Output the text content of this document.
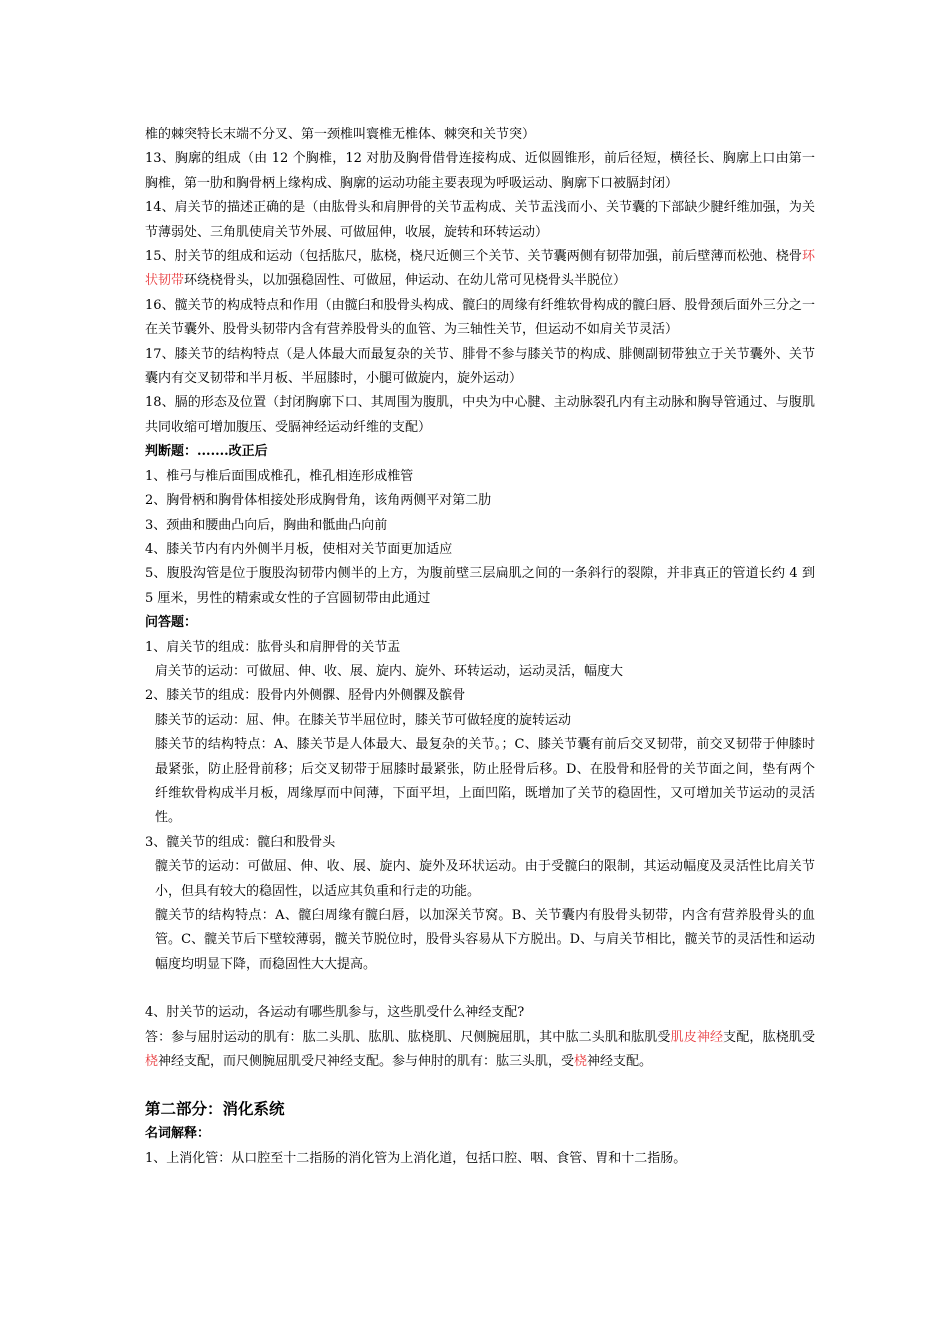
椎的棘突特长末端不分叉、第一颈椎叫寰椎无椎体、棘突和关节突）

13、胸廓的组成（由 12 个胸椎，12 对肋及胸骨借骨连接构成、近似圆锥形，前后径短，横径长、胸廓上口由第一胸椎，第一肋和胸骨柄上缘构成、胸廓的运动功能主要表现为呼吸运动、胸廓下口被膈封闭）

14、肩关节的描述正确的是（由肱骨头和肩胛骨的关节盂构成、关节盂浅而小、关节囊的下部缺少腱纤维加强，为关节薄弱处、三角肌使肩关节外展、可做屈伸，收展，旋转和环转运动）

15、肘关节的组成和运动（包括肱尺，肱桡，桡尺近侧三个关节、关节囊两侧有韧带加强，前后壁薄而松弛、桡骨环状韧带环绕桡骨头，以加强稳固性、可做屈，伸运动、在幼儿常可见桡骨头半脱位）

16、髋关节的构成特点和作用（由髋臼和股骨头构成、髋臼的周缘有纤维软骨构成的髋臼唇、股骨颈后面外三分之一在关节囊外、股骨头韧带内含有营养股骨头的血管、为三轴性关节，但运动不如肩关节灵活）

17、膝关节的结构特点（是人体最大而最复杂的关节、腓骨不参与膝关节的构成、腓侧副韧带独立于关节囊外、关节囊内有交叉韧带和半月板、半屈膝时，小腿可做旋内，旋外运动）

18、膈的形态及位置（封闭胸廓下口、其周围为腹肌，中央为中心腱、主动脉裂孔内有主动脉和胸导管通过、与腹肌共同收缩可增加腹压、受膈神经运动纤维的支配）

判断题：.......改正后

1、椎弓与椎后面围成椎孔，椎孔相连形成椎管

2、胸骨柄和胸骨体相接处形成胸骨角，该角两侧平对第二肋

3、颈曲和腰曲凸向后，胸曲和骶曲凸向前

4、膝关节内有内外侧半月板，使相对关节面更加适应

5、腹股沟管是位于腹股沟韧带内侧半的上方，为腹前壁三层扁肌之间的一条斜行的裂隙，并非真正的管道长约 4 到 5 厘米，男性的精索或女性的子宫圆韧带由此通过

问答题：

1、肩关节的组成：肱骨头和肩胛骨的关节盂

肩关节的运动：可做屈、伸、收、展、旋内、旋外、环转运动，运动灵活，幅度大

2、膝关节的组成：股骨内外侧髁、胫骨内外侧髁及髌骨

膝关节的运动：屈、伸。在膝关节半屈位时，膝关节可做轻度的旋转运动

膝关节的结构特点：A、膝关节是人体最大、最复杂的关节。；C、膝关节囊有前后交叉韧带，前交叉韧带于伸膝时最紧张，防止胫骨前移；后交叉韧带于屈膝时最紧张，防止胫骨后移。D、在股骨和胫骨的关节面之间，垫有两个纤维软骨构成半月板，周缘厚而中间薄，下面平坦，上面凹陷，既增加了关节的稳固性，又可增加关节运动的灵活性。

3、髋关节的组成：髋臼和股骨头

髋关节的运动：可做屈、伸、收、展、旋内、旋外及环状运动。由于受髋臼的限制，其运动幅度及灵活性比肩关节小，但具有较大的稳固性，以适应其负重和行走的功能。

髋关节的结构特点：A、髋臼周缘有髋臼唇，以加深关节窝。B、关节囊内有股骨头韧带，内含有营养股骨头的血管。C、髋关节后下壁较薄弱，髋关节脱位时，股骨头容易从下方脱出。D、与肩关节相比，髋关节的灵活性和运动幅度均明显下降，而稳固性大大提高。

4、肘关节的运动，各运动有哪些肌参与，这些肌受什么神经支配?

答：参与屈肘运动的肌有：肱二头肌、肱肌、肱桡肌、尺侧腕屈肌，其中肱二头肌和肱肌受肌皮神经支配，肱桡肌受桡神经支配，而尺侧腕屈肌受尺神经支配。参与伸肘的肌有：肱三头肌，受桡神经支配。

第二部分：消化系统

名词解释：

1、上消化管：从口腔至十二指肠的消化管为上消化道，包括口腔、咽、食管、胃和十二指肠。
